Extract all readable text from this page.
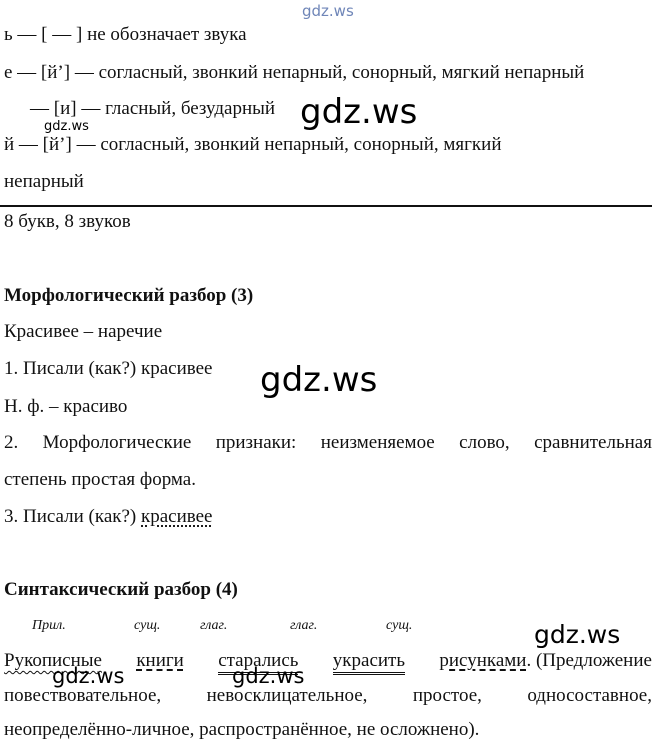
gdz.ws
ь — [ — ] не обозначает звука
е — [й’] — согласный, звонкий непарный, сонорный, мягкий непарный
— [и] — гласный, безударный gdz.ws
gdz.ws
й — [й’] — согласный, звонкий непарный, сонорный, мягкий
непарный
8 букв, 8 звуков
Морфологический разбор (3)
Красивее – наречие
1. Писали (как?) красивее gdz.ws
Н. ф. – красиво
2. Морфологические признаки: неизменяемое слово, сравнительная
степень простая форма.
3. Писали (как?) красивее
Синтаксический разбор (4)
Прил.	сущ.	глаг.	глаг.	сущ.	gdz.ws
Рукописные книги старались украсить рисунками. (Предложение
gdz.ws	gdz.ws
повествовательное, невосклицательное, простое, односоставное,
неопределённо-личное, распространённое, не осложнено).
